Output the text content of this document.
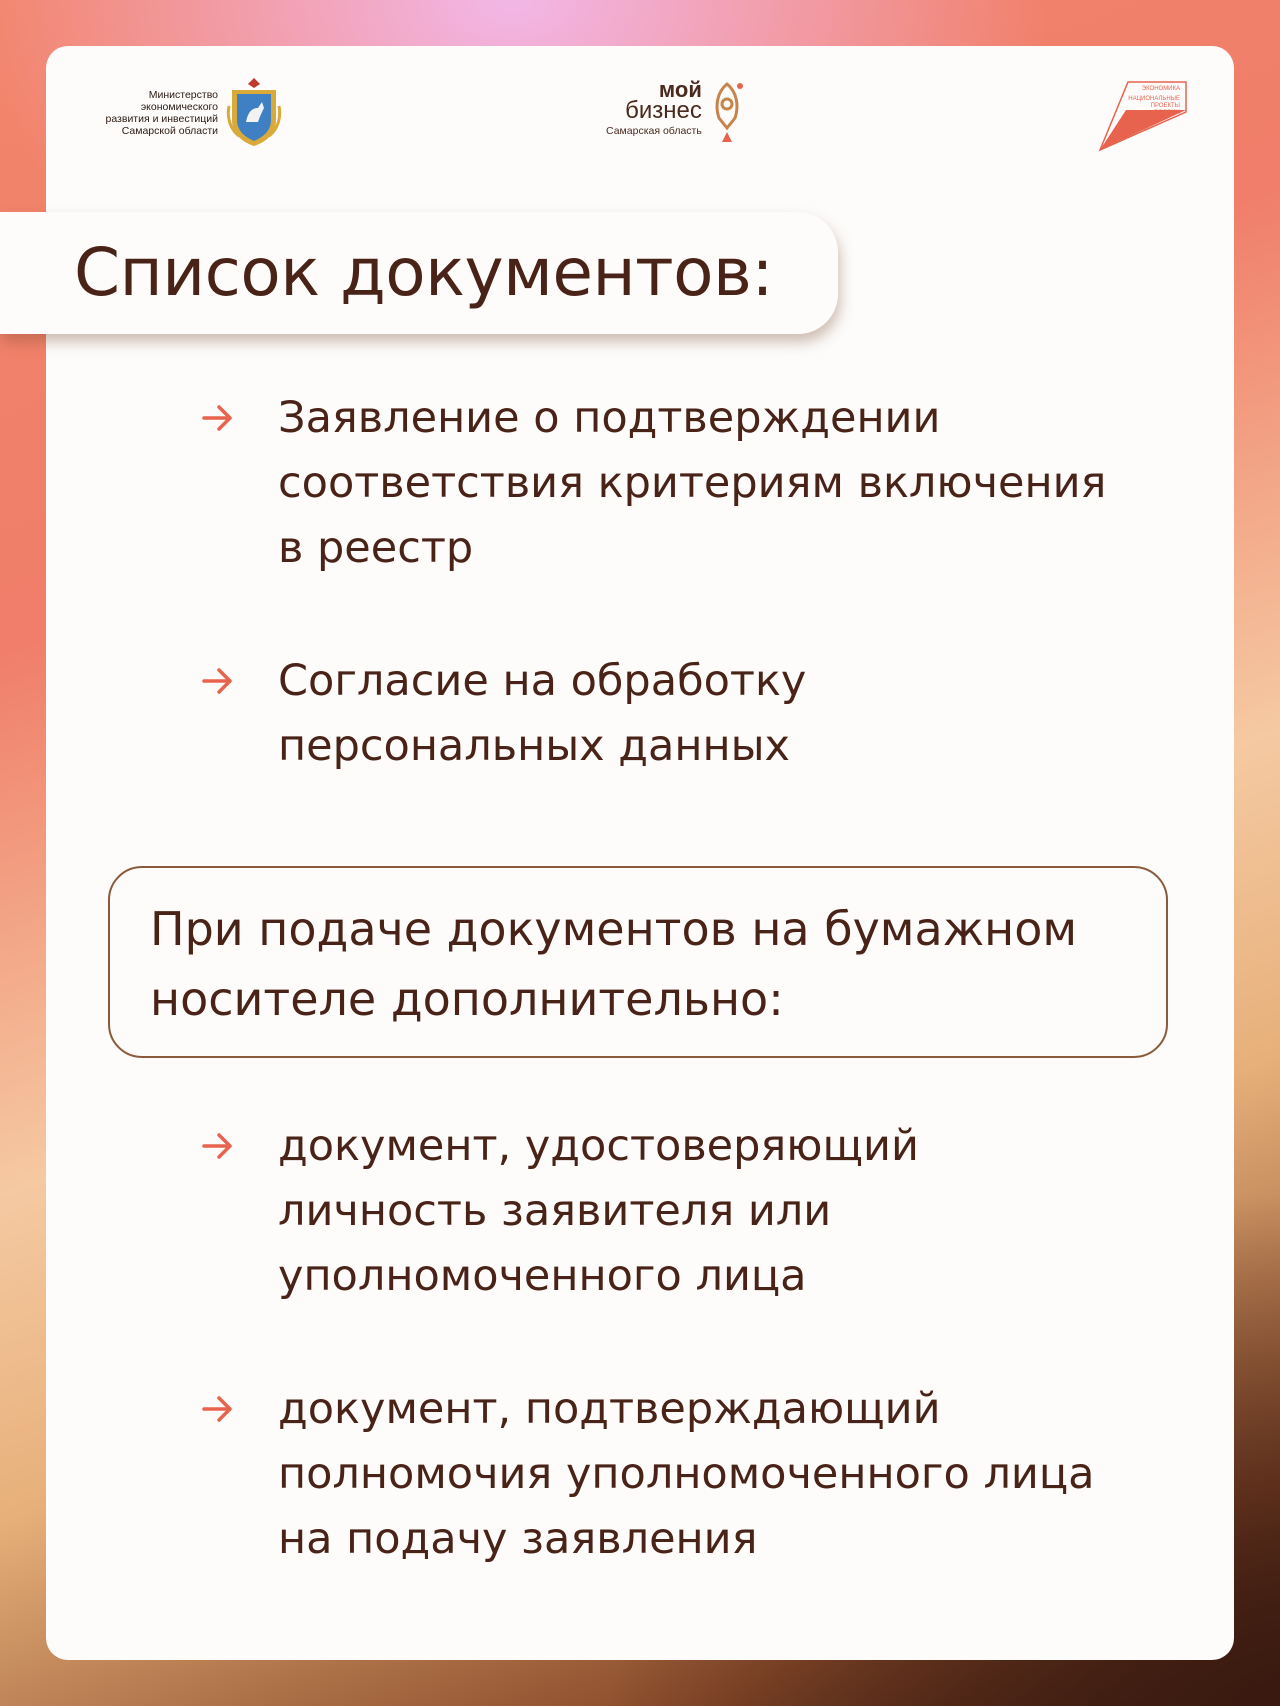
Министерство
экономического
развития и инвестиций
Самарской области
мой
бизнес
Самарская область
ЭКОНОМИКА
НАЦИОНАЛЬНЫЕ
ПРОЕКТЫ
РОССИИ
Список документов:
Заявление о подтверждении
соответствия критериям включения
в реестр
Согласие на обработку
персональных данных
При подаче документов на бумажном
носителе дополнительно:
документ, удостоверяющий
личность заявителя или
уполномоченного лица
документ, подтверждающий
полномочия уполномоченного лица
на подачу заявления
